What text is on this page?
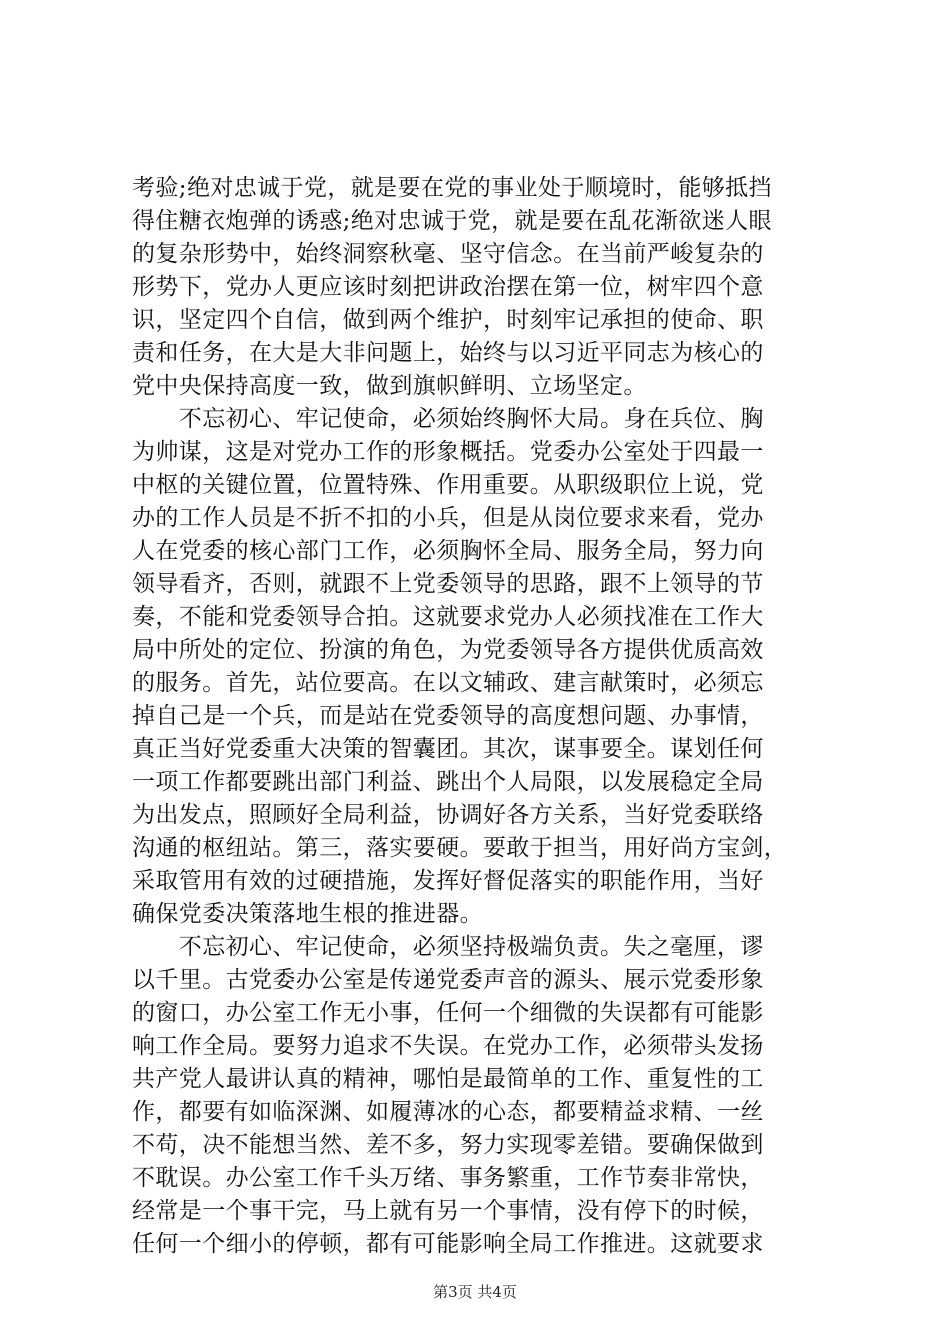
考验;绝对忠诚于党，就是要在党的事业处于顺境时，能够抵挡
得住糖衣炮弹的诱惑;绝对忠诚于党，就是要在乱花渐欲迷人眼
的复杂形势中，始终洞察秋毫、坚守信念。在当前严峻复杂的
形势下，党办人更应该时刻把讲政治摆在第一位，树牢四个意
识，坚定四个自信，做到两个维护，时刻牢记承担的使命、职
责和任务，在大是大非问题上，始终与以习近平同志为核心的
党中央保持高度一致，做到旗帜鲜明、立场坚定。
　　不忘初心、牢记使命，必须始终胸怀大局。身在兵位、胸
为帅谋，这是对党办工作的形象概括。党委办公室处于四最一
中枢的关键位置，位置特殊、作用重要。从职级职位上说，党
办的工作人员是不折不扣的小兵，但是从岗位要求来看，党办
人在党委的核心部门工作，必须胸怀全局、服务全局，努力向
领导看齐，否则，就跟不上党委领导的思路，跟不上领导的节
奏，不能和党委领导合拍。这就要求党办人必须找准在工作大
局中所处的定位、扮演的角色，为党委领导各方提供优质高效
的服务。首先，站位要高。在以文辅政、建言献策时，必须忘
掉自己是一个兵，而是站在党委领导的高度想问题、办事情，
真正当好党委重大决策的智囊团。其次，谋事要全。谋划任何
一项工作都要跳出部门利益、跳出个人局限，以发展稳定全局
为出发点，照顾好全局利益，协调好各方关系，当好党委联络
沟通的枢纽站。第三，落实要硬。要敢于担当，用好尚方宝剑，
采取管用有效的过硬措施，发挥好督促落实的职能作用，当好
确保党委决策落地生根的推进器。
　　不忘初心、牢记使命，必须坚持极端负责。失之毫厘，谬
以千里。古党委办公室是传递党委声音的源头、展示党委形象
的窗口，办公室工作无小事，任何一个细微的失误都有可能影
响工作全局。要努力追求不失误。在党办工作，必须带头发扬
共产党人最讲认真的精神，哪怕是最简单的工作、重复性的工
作，都要有如临深渊、如履薄冰的心态，都要精益求精、一丝
不苟，决不能想当然、差不多，努力实现零差错。要确保做到
不耽误。办公室工作千头万绪、事务繁重，工作节奏非常快，
经常是一个事干完，马上就有另一个事情，没有停下的时候，
任何一个细小的停顿，都有可能影响全局工作推进。这就要求
第3页 共4页
